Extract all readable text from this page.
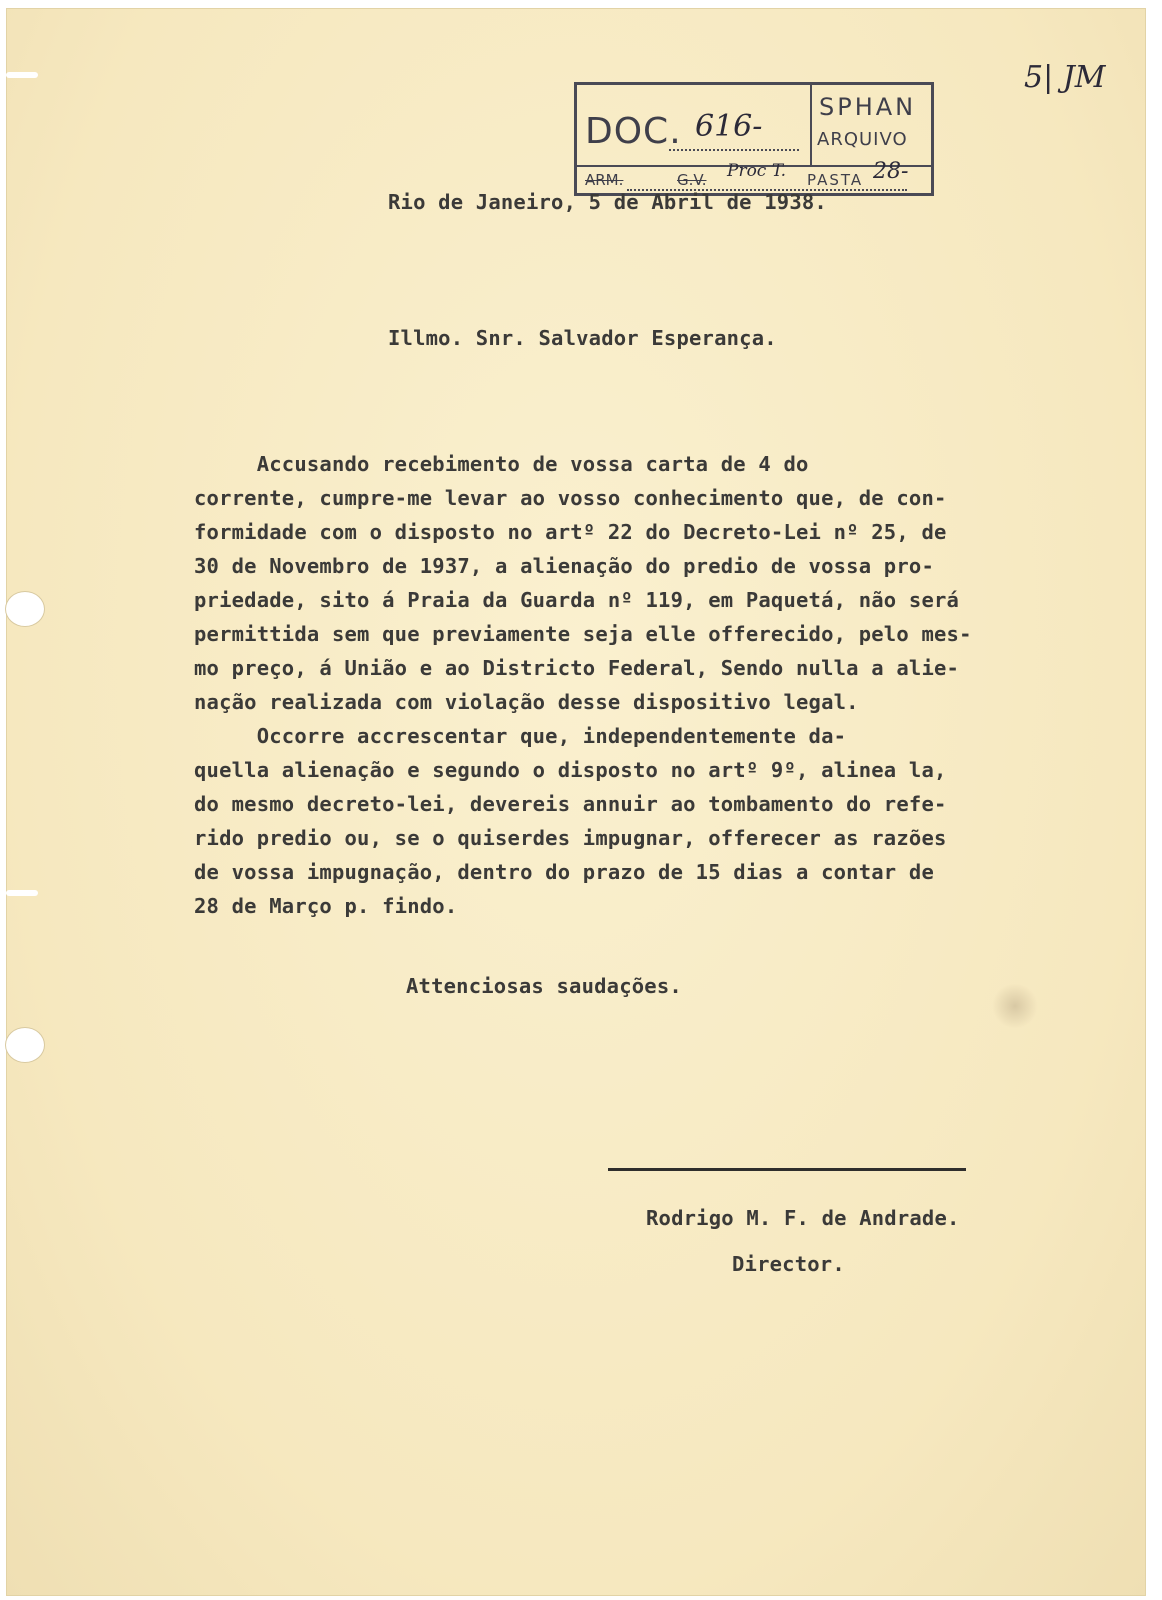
5| JM
DOC. 616-
SPHAN
ARQUIVO
ARM.	G.V. Proc T. PASTA 28-
Rio de Janeiro, 5 de Abril de 1938.
Illmo. Snr. Salvador Esperança.
Accusando recebimento de vossa carta de 4 do
corrente, cumpre-me levar ao vosso conhecimento que, de con-
formidade com o disposto no artº 22 do Decreto-Lei nº 25, de
30 de Novembro de 1937, a alienação do predio de vossa pro-
priedade, sito á Praia da Guarda nº 119, em Paquetá, não será
permittida sem que previamente seja elle offerecido, pelo mes-
mo preço, á União e ao Districto Federal, Sendo nulla a alie-
nação realizada com violação desse dispositivo legal.
Occorre accrescentar que, independentemente da-
quella alienação e segundo o disposto no artº 9º, alinea la,
do mesmo decreto-lei, devereis annuir ao tombamento do refe-
rido predio ou, se o quiserdes impugnar, offerecer as razões
de vossa impugnação, dentro do prazo de 15 dias a contar de
28 de Março p. findo.
Attenciosas saudações.
Rodrigo M. F. de Andrade.
Director.
